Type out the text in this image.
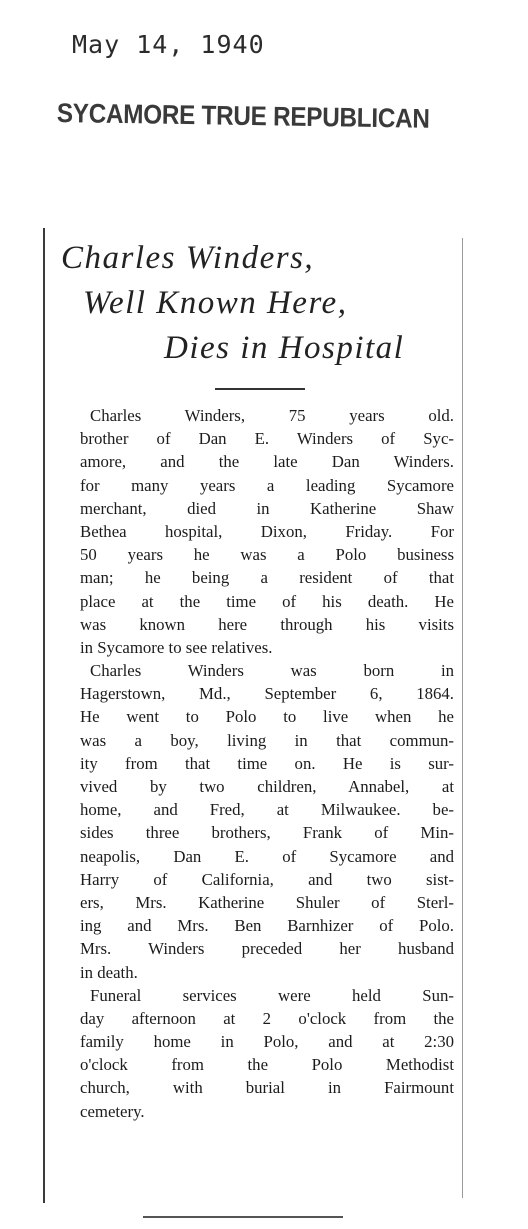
May 14, 1940
SYCAMORE TRUE REPUBLICAN
Charles Winders,
Well Known Here,
Dies in Hospital
Charles Winders, 75 years old.
brother of Dan E. Winders of Syc-
amore, and the late Dan Winders.
for many years a leading Sycamore
merchant, died in Katherine Shaw
Bethea hospital, Dixon, Friday. For
50 years he was a Polo business
man; he being a resident of that
place at the time of his death. He
was known here through his visits
in Sycamore to see relatives.
Charles Winders was born in
Hagerstown, Md., September 6, 1864.
He went to Polo to live when he
was a boy, living in that commun-
ity from that time on. He is sur-
vived by two children, Annabel, at
home, and Fred, at Milwaukee. be-
sides three brothers, Frank of Min-
neapolis, Dan E. of Sycamore and
Harry of California, and two sist-
ers, Mrs. Katherine Shuler of Sterl-
ing and Mrs. Ben Barnhizer of Polo.
Mrs. Winders preceded her husband
in death.
Funeral services were held Sun-
day afternoon at 2 o'clock from the
family home in Polo, and at 2:30
o'clock from the Polo Methodist
church, with burial in Fairmount
cemetery.
